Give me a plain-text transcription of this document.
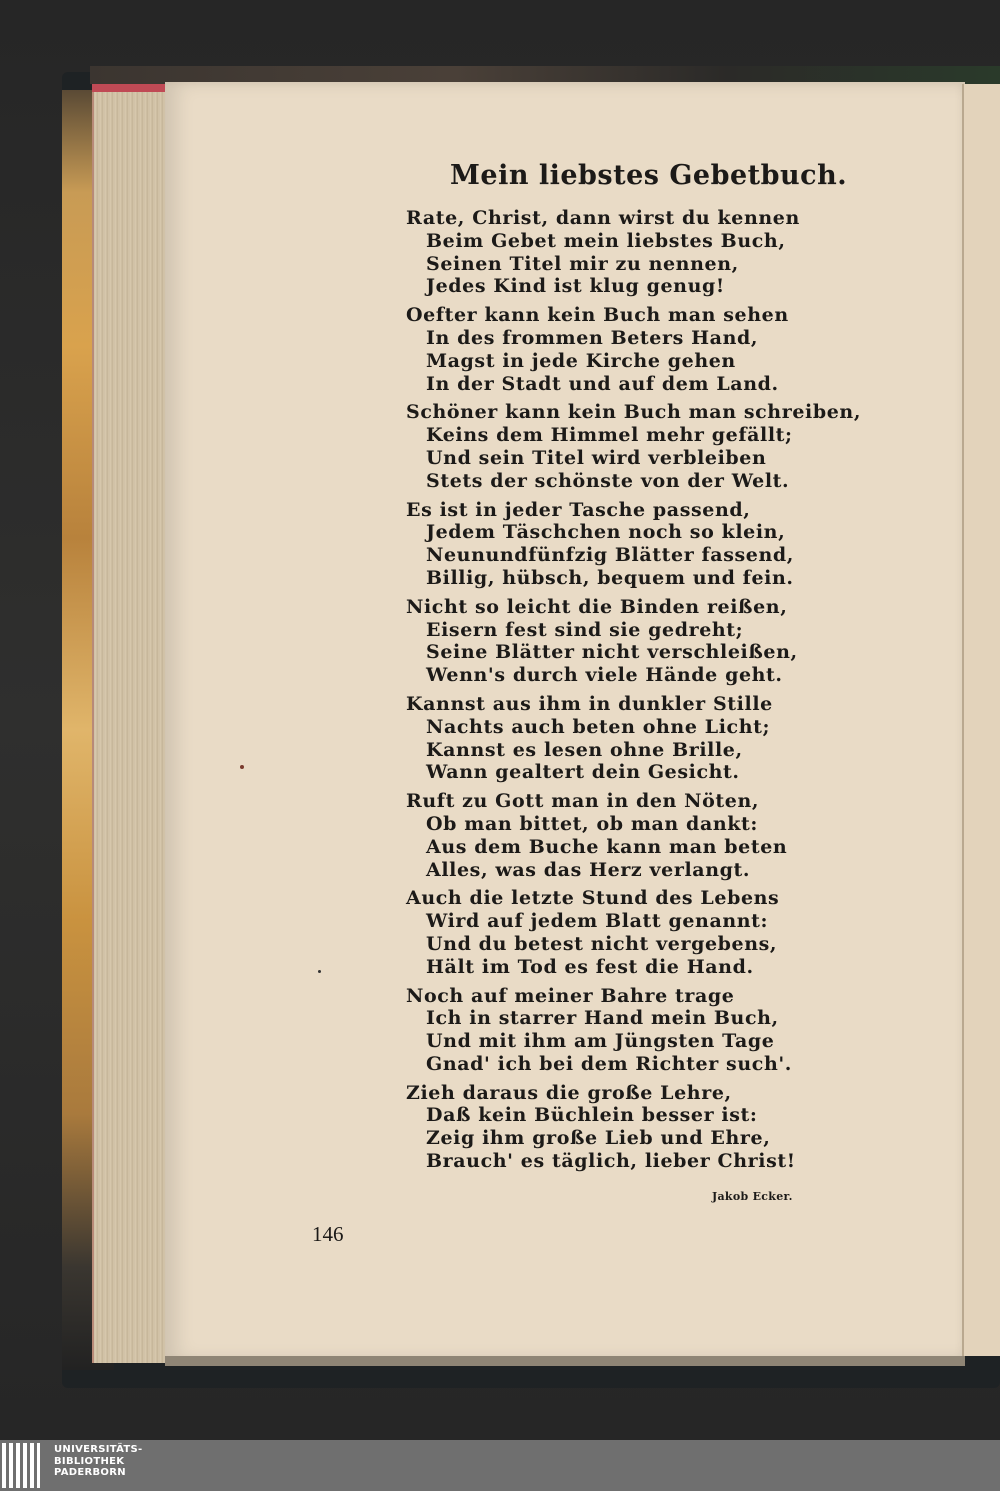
Mein liebstes Gebetbuch.
Rate, Christ, dann wirst du kennen
Beim Gebet mein liebstes Buch,
Seinen Titel mir zu nennen,
Jedes Kind ist klug genug!
Oefter kann kein Buch man sehen
In des frommen Beters Hand,
Magst in jede Kirche gehen
In der Stadt und auf dem Land.
Schöner kann kein Buch man schreiben,
Keins dem Himmel mehr gefällt;
Und sein Titel wird verbleiben
Stets der schönste von der Welt.
Es ist in jeder Tasche passend,
Jedem Täschchen noch so klein,
Neunundfünfzig Blätter fassend,
Billig, hübsch, bequem und fein.
Nicht so leicht die Binden reißen,
Eisern fest sind sie gedreht;
Seine Blätter nicht verschleißen,
Wenn's durch viele Hände geht.
Kannst aus ihm in dunkler Stille
Nachts auch beten ohne Licht;
Kannst es lesen ohne Brille,
Wann gealtert dein Gesicht.
Ruft zu Gott man in den Nöten,
Ob man bittet, ob man dankt:
Aus dem Buche kann man beten
Alles, was das Herz verlangt.
Auch die letzte Stund des Lebens
Wird auf jedem Blatt genannt:
Und du betest nicht vergebens,
Hält im Tod es fest die Hand.
Noch auf meiner Bahre trage
Ich in starrer Hand mein Buch,
Und mit ihm am Jüngsten Tage
Gnad' ich bei dem Richter such'.
Zieh daraus die große Lehre,
Daß kein Büchlein besser ist:
Zeig ihm große Lieb und Ehre,
Brauch' es täglich, lieber Christ!
Jakob Ecker.
146
UNIVERSITÄTS-
BIBLIOTHEK
PADERBORN
